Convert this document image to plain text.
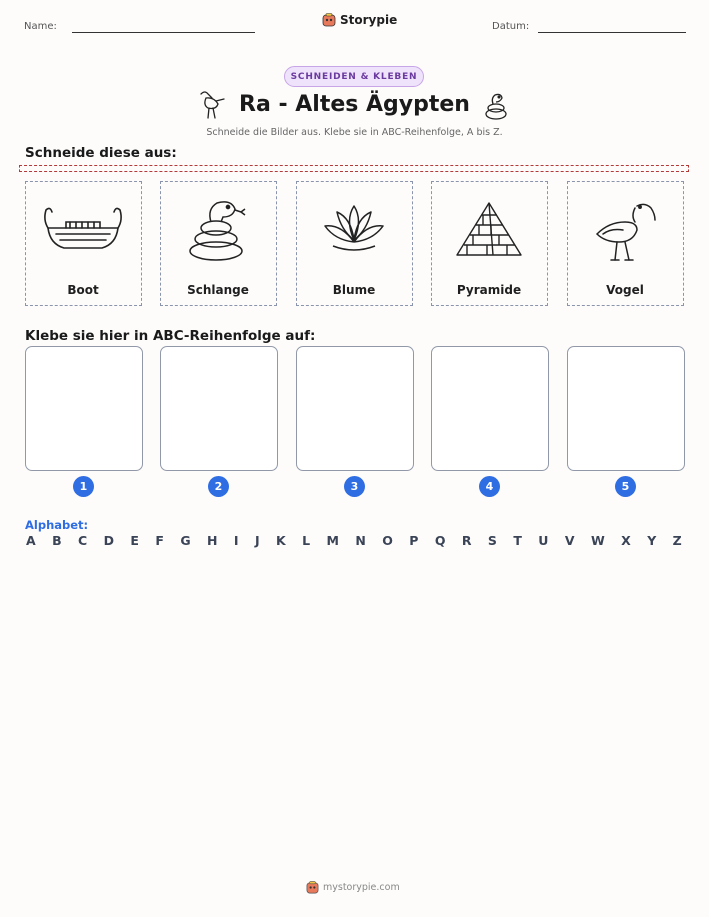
Name:	Storypie	Datum:
SCHNEIDEN & KLEBEN
Ra - Altes Ägypten
Schneide die Bilder aus. Klebe sie in ABC-Reihenfolge, A bis Z.
Schneide diese aus:
Boot	Schlange	Blume	Pyramide	Vogel
Klebe sie hier in ABC-Reihenfolge auf:
1	2	3	4	5
Alphabet:
A B C D E F G H I J K L M N O P Q R S T U V W X Y Z
mystorypie.com
